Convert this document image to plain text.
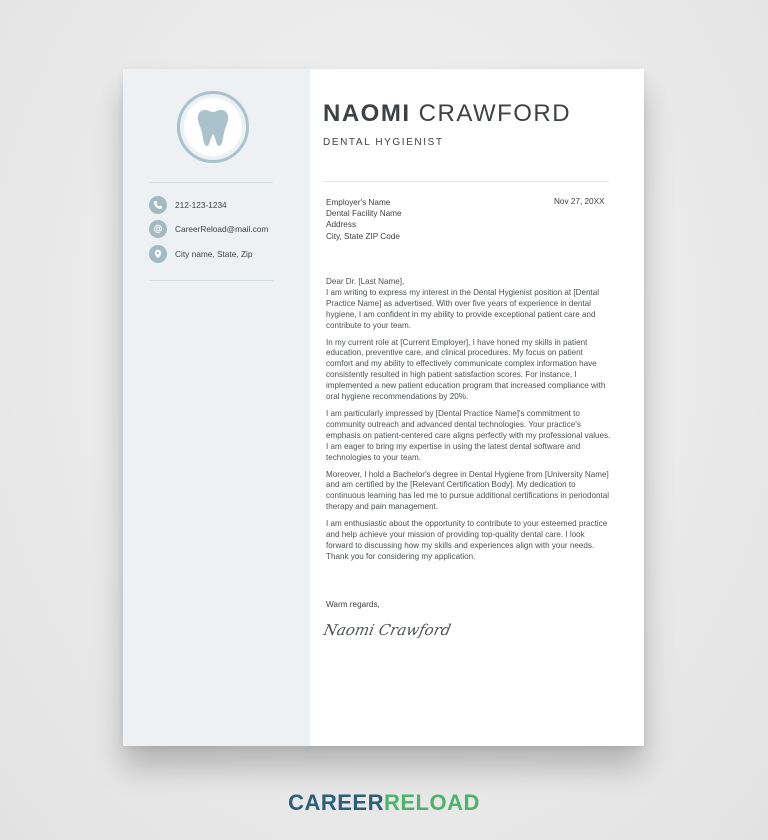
212-123-1234
CareerReload@mail.com
City name, State, Zip
NAOMI CRAWFORD
DENTAL HYGIENIST
Employer's Name
Dental Facility Name
Address
City, State ZIP Code
Nov 27, 20XX

Dear Dr. [Last Name],

I am writing to express my interest in the Dental Hygienist position at [Dental Practice Name] as advertised. With over five years of experience in dental hygiene, I am confident in my ability to provide exceptional patient care and contribute to your team.

In my current role at [Current Employer], I have honed my skills in patient education, preventive care, and clinical procedures. My focus on patient comfort and my ability to effectively communicate complex information have consistently resulted in high patient satisfaction scores. For instance, I implemented a new patient education program that increased compliance with oral hygiene recommendations by 20%.

I am particularly impressed by [Dental Practice Name]'s commitment to community outreach and advanced dental technologies. Your practice's emphasis on patient-centered care aligns perfectly with my professional values. I am eager to bring my expertise in using the latest dental software and technologies to your team.

Moreover, I hold a Bachelor's degree in Dental Hygiene from [University Name] and am certified by the [Relevant Certification Body]. My dedication to continuous learning has led me to pursue additional certifications in periodontal therapy and pain management.

I am enthusiastic about the opportunity to contribute to your esteemed practice and help achieve your mission of providing top-quality dental care. I look forward to discussing how my skills and experiences align with your needs. Thank you for considering my application.

Warm regards,
Naomi Crawford
CAREERRELOAD
